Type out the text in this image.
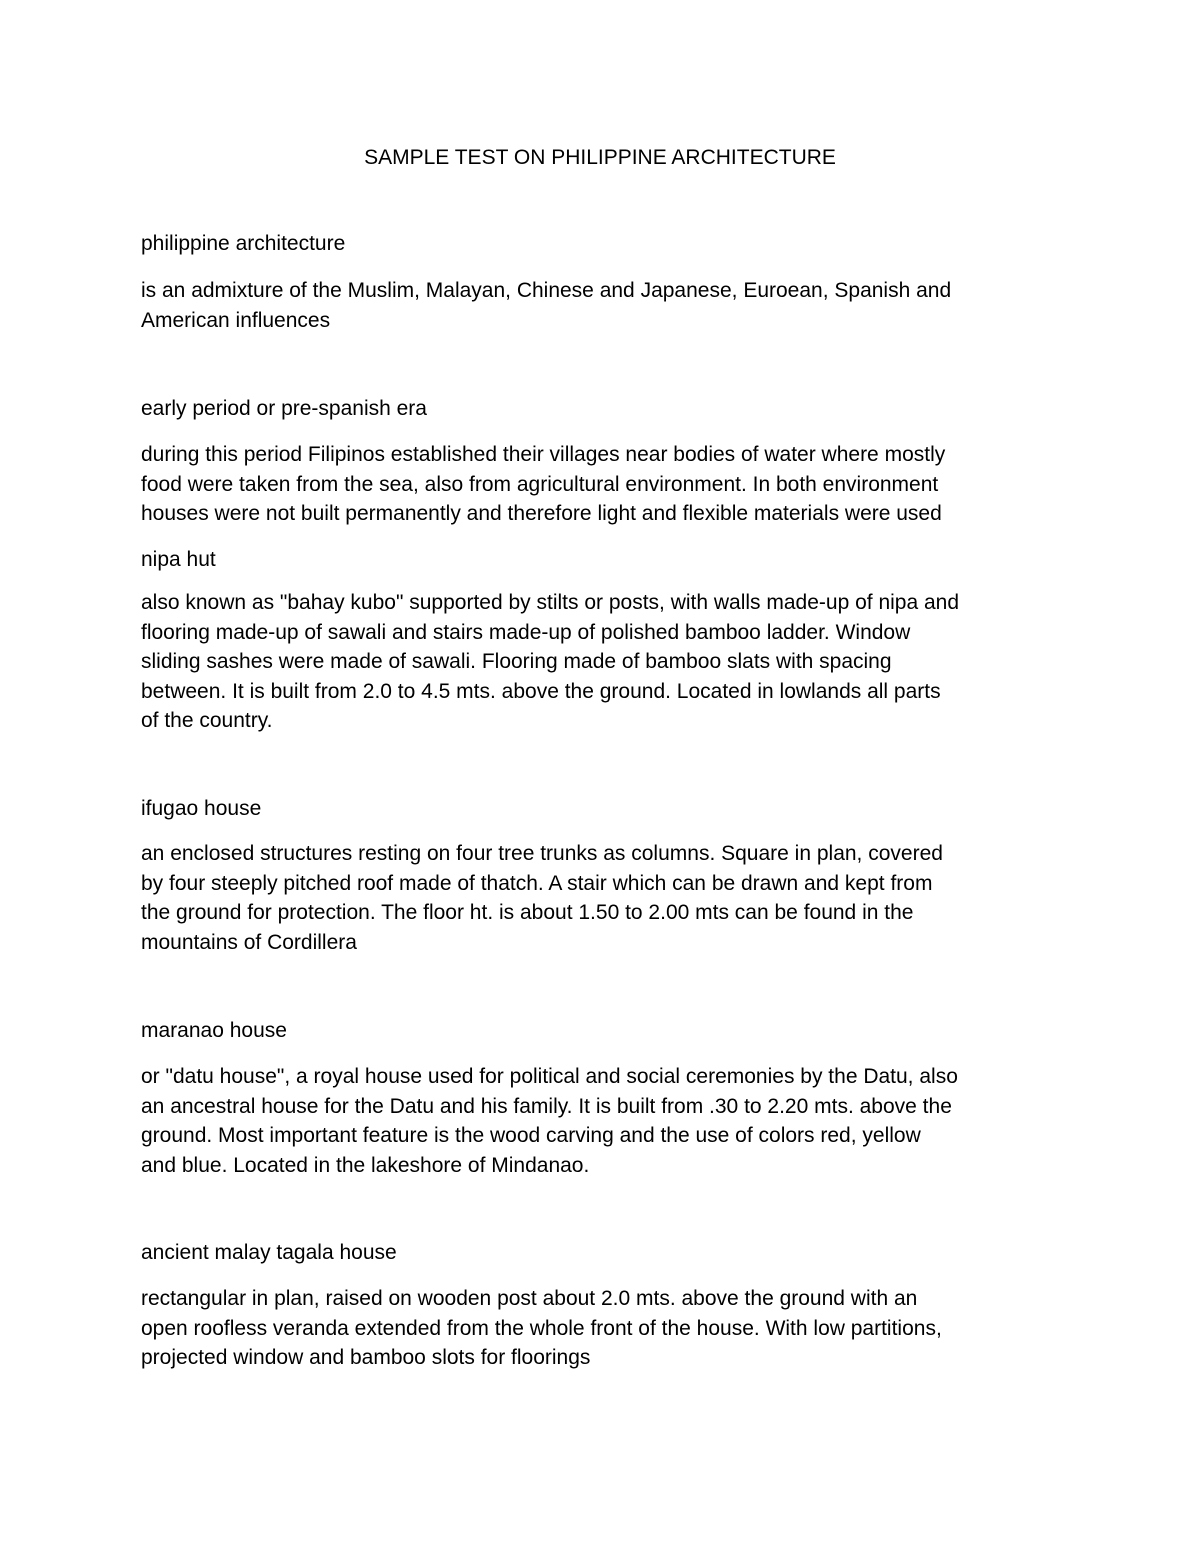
SAMPLE TEST ON PHILIPPINE ARCHITECTURE
philippine architecture
is an admixture of the Muslim, Malayan, Chinese and Japanese, Euroean, Spanish and
American influences
early period or pre-spanish era
during this period Filipinos established their villages near bodies of water where mostly
food were taken from the sea, also from agricultural environment. In both environment
houses were not built permanently and therefore light and flexible materials were used
nipa hut
also known as "bahay kubo" supported by stilts or posts, with walls made-up of nipa and
flooring made-up of sawali and stairs made-up of polished bamboo ladder. Window
sliding sashes were made of sawali. Flooring made of bamboo slats with spacing
between. It is built from 2.0 to 4.5 mts. above the ground. Located in lowlands all parts
of the country.
ifugao house
an enclosed structures resting on four tree trunks as columns. Square in plan, covered
by four steeply pitched roof made of thatch. A stair which can be drawn and kept from
the ground for protection. The floor ht. is about 1.50 to 2.00 mts can be found in the
mountains of Cordillera
maranao house
or "datu house", a royal house used for political and social ceremonies by the Datu, also
an ancestral house for the Datu and his family. It is built from .30 to 2.20 mts. above the
ground. Most important feature is the wood carving and the use of colors red, yellow
and blue. Located in the lakeshore of Mindanao.
ancient malay tagala house
rectangular in plan, raised on wooden post about 2.0 mts. above the ground with an
open roofless veranda extended from the whole front of the house. With low partitions,
projected window and bamboo slots for floorings
